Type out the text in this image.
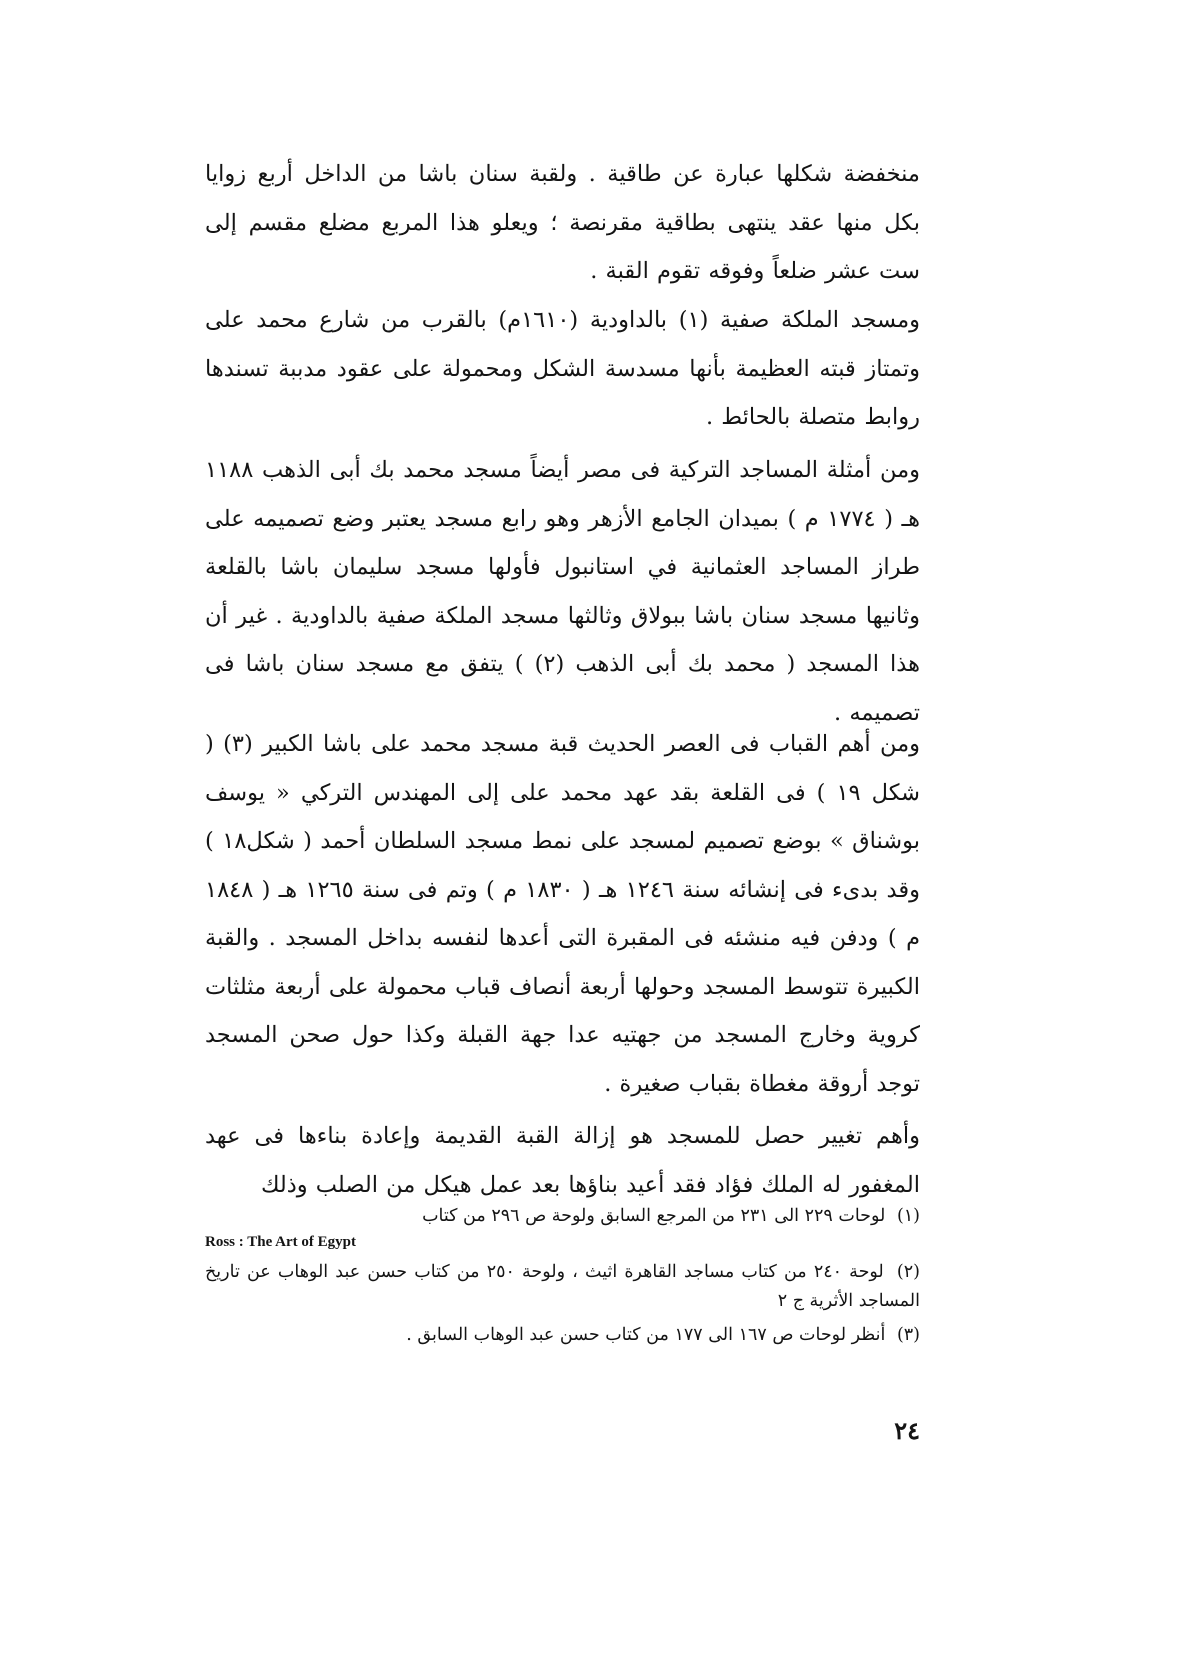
منخفضة شكلها عبارة عن طاقية . ولقبة سنان باشا من الداخل أربع زوايا بكل منها عقد ينتهى بطاقية مقرنصة ؛ ويعلو هذا المربع مضلع مقسم إلى ست عشر ضلعاً وفوقه تقوم القبة .

ومسجد الملكة صفية (١) بالداودية (١٦١٠م) بالقرب من شارع محمد على وتمتاز قبته العظيمة بأنها مسدسة الشكل ومحمولة على عقود مدببة تسندها روابط متصلة بالحائط .

ومن أمثلة المساجد التركية فى مصر أيضاً مسجد محمد بك أبى الذهب ١١٨٨ هـ ( ١٧٧٤ م ) بميدان الجامع الأزهر وهو رابع مسجد يعتبر وضع تصميمه على طراز المساجد العثمانية في استانبول فأولها مسجد سليمان باشا بالقلعة وثانيها مسجد سنان باشا ببولاق وثالثها مسجد الملكة صفية بالداودية . غير أن هذا المسجد ( محمد بك أبى الذهب (٢) ) يتفق مع مسجد سنان باشا فى تصميمه .

ومن أهم القباب فى العصر الحديث قبة مسجد محمد على باشا الكبير (٣) ( شكل ١٩ ) فى القلعة بقد عهد محمد على إلى المهندس التركي « يوسف بوشناق » بوضع تصميم لمسجد على نمط مسجد السلطان أحمد ( شكل١٨ ) وقد بدىء فى إنشائه سنة ١٢٤٦ هـ ( ١٨٣٠ م ) وتم فى سنة ١٢٦٥ هـ ( ١٨٤٨ م ) ودفن فيه منشئه فى المقبرة التى أعدها لنفسه بداخل المسجد . والقبة الكبيرة تتوسط المسجد وحولها أربعة أنصاف قباب محمولة على أربعة مثلثات كروية وخارج المسجد من جهتيه عدا جهة القبلة وكذا حول صحن المسجد توجد أروقة مغطاة بقباب صغيرة .

وأهم تغيير حصل للمسجد هو إزالة القبة القديمة وإعادة بناءها فى عهد المغفور له الملك فؤاد فقد أعيد بناؤها بعد عمل هيكل من الصلب وذلك

(١) لوحات ٢٢٩ الى ٢٣١ من المرجع السابق ولوحة ص ٢٩٦ من كتاب

Ross : The Art of Egypt

(٢) لوحة ٢٤٠ من كتاب مساجد القاهرة اثيث ، ولوحة ٢٥٠ من كتاب حسن عبد الوهاب عن تاريخ المساجد الأثرية ج ٢

(٣) أنظر لوحات ص ١٦٧ الى ١٧٧ من كتاب حسن عبد الوهاب السابق .

٢٤
